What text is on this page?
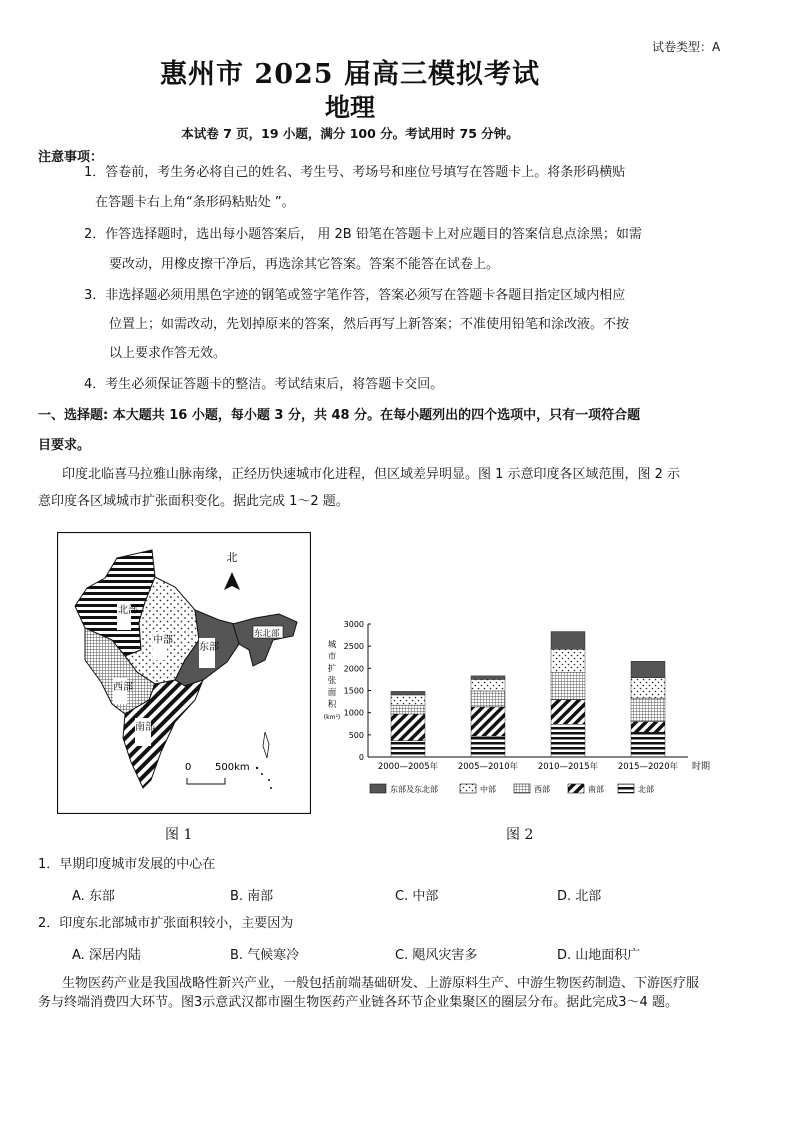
试卷类型：A
惠州市 2025 届高三模拟考试
地理
本试卷 7 页，19 小题，满分 100 分。考试用时 75 分钟。
注意事项：
1．答卷前，考生务必将自己的姓名、考生号、考场号和座位号填写在答题卡上。将条形码横贴
在答题卡右上角“条形码粘贴处 ”。
2．作答选择题时，选出每小题答案后， 用 2B 铅笔在答题卡上对应题目的答案信息点涂黑；如需
要改动，用橡皮擦干净后，再选涂其它答案。答案不能答在试卷上。
3．非选择题必须用黑色字迹的钢笔或签字笔作答，答案必须写在答题卡各题目指定区域内相应
位置上；如需改动，先划掉原来的答案，然后再写上新答案；不准使用铅笔和涂改液。不按
以上要求作答无效。
4．考生必须保证答题卡的整洁。考试结束后，将答题卡交回。
一、选择题: 本大题共 16 小题，每小题 3 分，共 48 分。在每小题列出的四个选项中，只有一项符合题
目要求。
印度北临喜马拉雅山脉南缘，正经历快速城市化进程，但区域差异明显。图 1 示意印度各区域范围，图 2 示
意印度各区域城市扩张面积变化。据此完成 1～2 题。
北
北部
中部
东部
东北部
西部
南部
0 500km
城
市
扩
张
面
积
(km²)
0
500
1000
1500
2000
2500
3000
2000—2005年 2005—2010年 2010—2015年 2015—2020年 时期
东部及东北部	中部	西部	南部	北部
图 1	图 2
1．早期印度城市发展的中心在
A. 东部	B. 南部	C. 中部	D. 北部
2．印度东北部城市扩张面积较小，主要因为
A. 深居内陆	B. 气候寒冷	C. 飓风灾害多	D. 山地面积广
生物医药产业是我国战略性新兴产业，一般包括前端基础研发、上游原料生产、中游生物医药制造、下游医疗服
务与终端消费四大环节。图3示意武汉都市圈生物医药产业链各环节企业集聚区的圈层分布。据此完成3～4 题。
